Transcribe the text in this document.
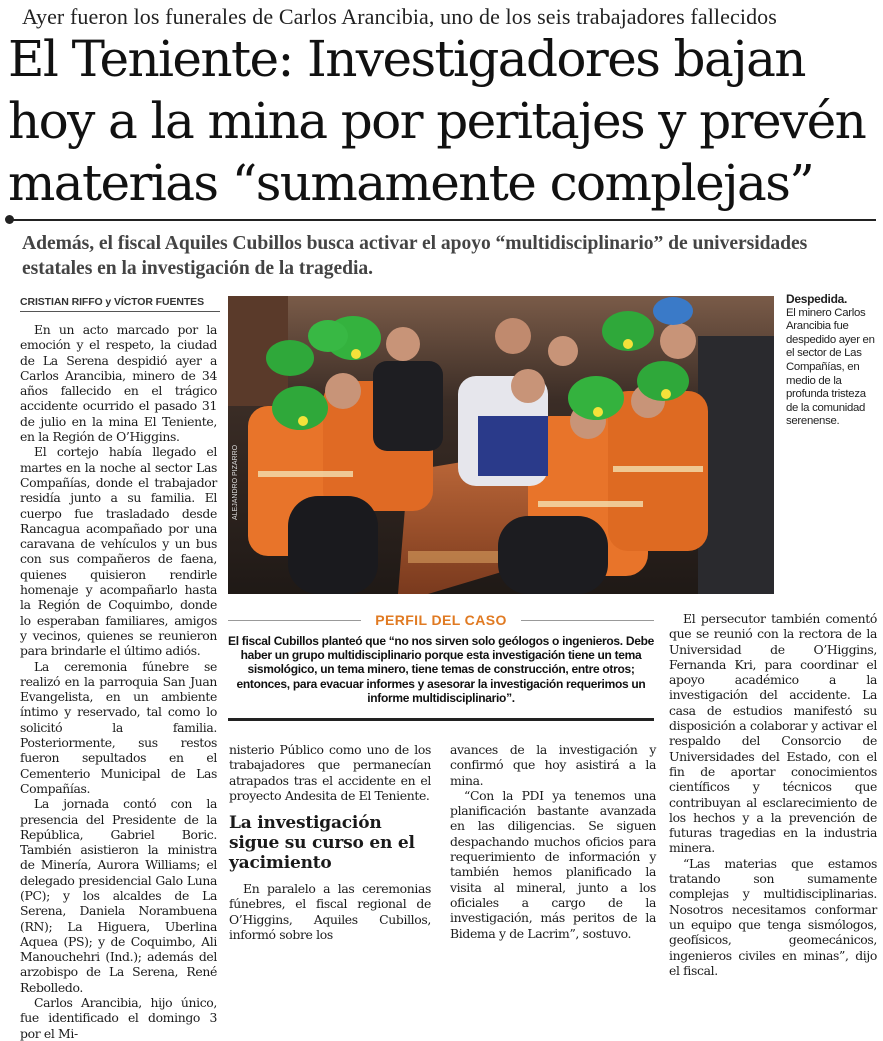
Ayer fueron los funerales de Carlos Arancibia, uno de los seis trabajadores fallecidos
El Teniente: Investigadores bajan
hoy a la mina por peritajes y prevén
materias “sumamente complejas”

Además, el fiscal Aquiles Cubillos busca activar el apoyo “multidisciplinario” de universidades estatales en la investigación de la tragedia.

CRISTIAN RIFFO y VÍCTOR FUENTES

En un acto marcado por la emoción y el respeto, la ciudad de La Serena despidió ayer a Carlos Arancibia, minero de 34 años fallecido en el trágico accidente ocurrido el pasado 31 de julio en la mina El Teniente, en la Región de O’Higgins.

El cortejo había llegado el martes en la noche al sector Las Compañías, donde el trabajador residía junto a su familia. El cuerpo fue trasladado desde Rancagua acompañado por una caravana de vehículos y un bus con sus compañeros de faena, quienes quisieron rendirle homenaje y acompañarlo hasta la Región de Coquimbo, donde lo esperaban familiares, amigos y vecinos, quienes se reunieron para brindarle el último adiós.

La ceremonia fúnebre se realizó en la parroquia San Juan Evangelista, en un ambiente íntimo y reservado, tal como lo solicitó la familia. Posteriormente, sus restos fueron sepultados en el Cementerio Municipal de Las Compañías.

La jornada contó con la presencia del Presidente de la República, Gabriel Boric. También asistieron la ministra de Minería, Aurora Williams; el delegado presidencial Galo Luna (PC); y los alcaldes de La Serena, Daniela Norambuena (RN); La Higuera, Uberlina Aquea (PS); y de Coquimbo, Ali Manouchehri (Ind.); además del arzobispo de La Serena, René Rebolledo.

Carlos Arancibia, hijo único, fue identificado el domingo 3 por el Mi-

ALEJANDRO PIZARRO
Despedida.
El minero Carlos Arancibia fue despedido ayer en el sector de Las Compañías, en medio de la profunda tristeza de la comunidad serenense.
PERFIL DEL CASO

El fiscal Cubillos planteó que “no nos sirven solo geólogos o ingenieros. Debe haber un grupo multidisciplinario porque esta investigación tiene un tema sismológico, un tema minero, tiene temas de construcción, entre otros; entonces, para evacuar informes y asesorar la investigación requerimos un informe multidisciplinario”.

nisterio Público como uno de los trabajadores que permanecían atrapados tras el accidente en el proyecto Andesita de El Teniente.

La investigación sigue su curso en el yacimiento

En paralelo a las ceremonias fúnebres, el fiscal regional de O’Higgins, Aquiles Cubillos, informó sobre los

avances de la investigación y confirmó que hoy asistirá a la mina.

“Con la PDI ya tenemos una planificación bastante avanzada en las diligencias. Se siguen despachando muchos oficios para requerimiento de información y también hemos planificado la visita al mineral, junto a los oficiales a cargo de la investigación, más peritos de la Bidema y de Lacrim”, sostuvo.

El persecutor también comentó que se reunió con la rectora de la Universidad de O’Higgins, Fernanda Kri, para coordinar el apoyo académico a la investigación del accidente. La casa de estudios manifestó su disposición a colaborar y activar el respaldo del Consorcio de Universidades del Estado, con el fin de aportar conocimientos científicos y técnicos que contribuyan al esclarecimiento de los hechos y a la prevención de futuras tragedias en la industria minera.

“Las materias que estamos tratando son sumamente complejas y multidisciplinarias. Nosotros necesitamos conformar un equipo que tenga sismólogos, geofísicos, geomecánicos, ingenieros civiles en minas”, dijo el fiscal.
